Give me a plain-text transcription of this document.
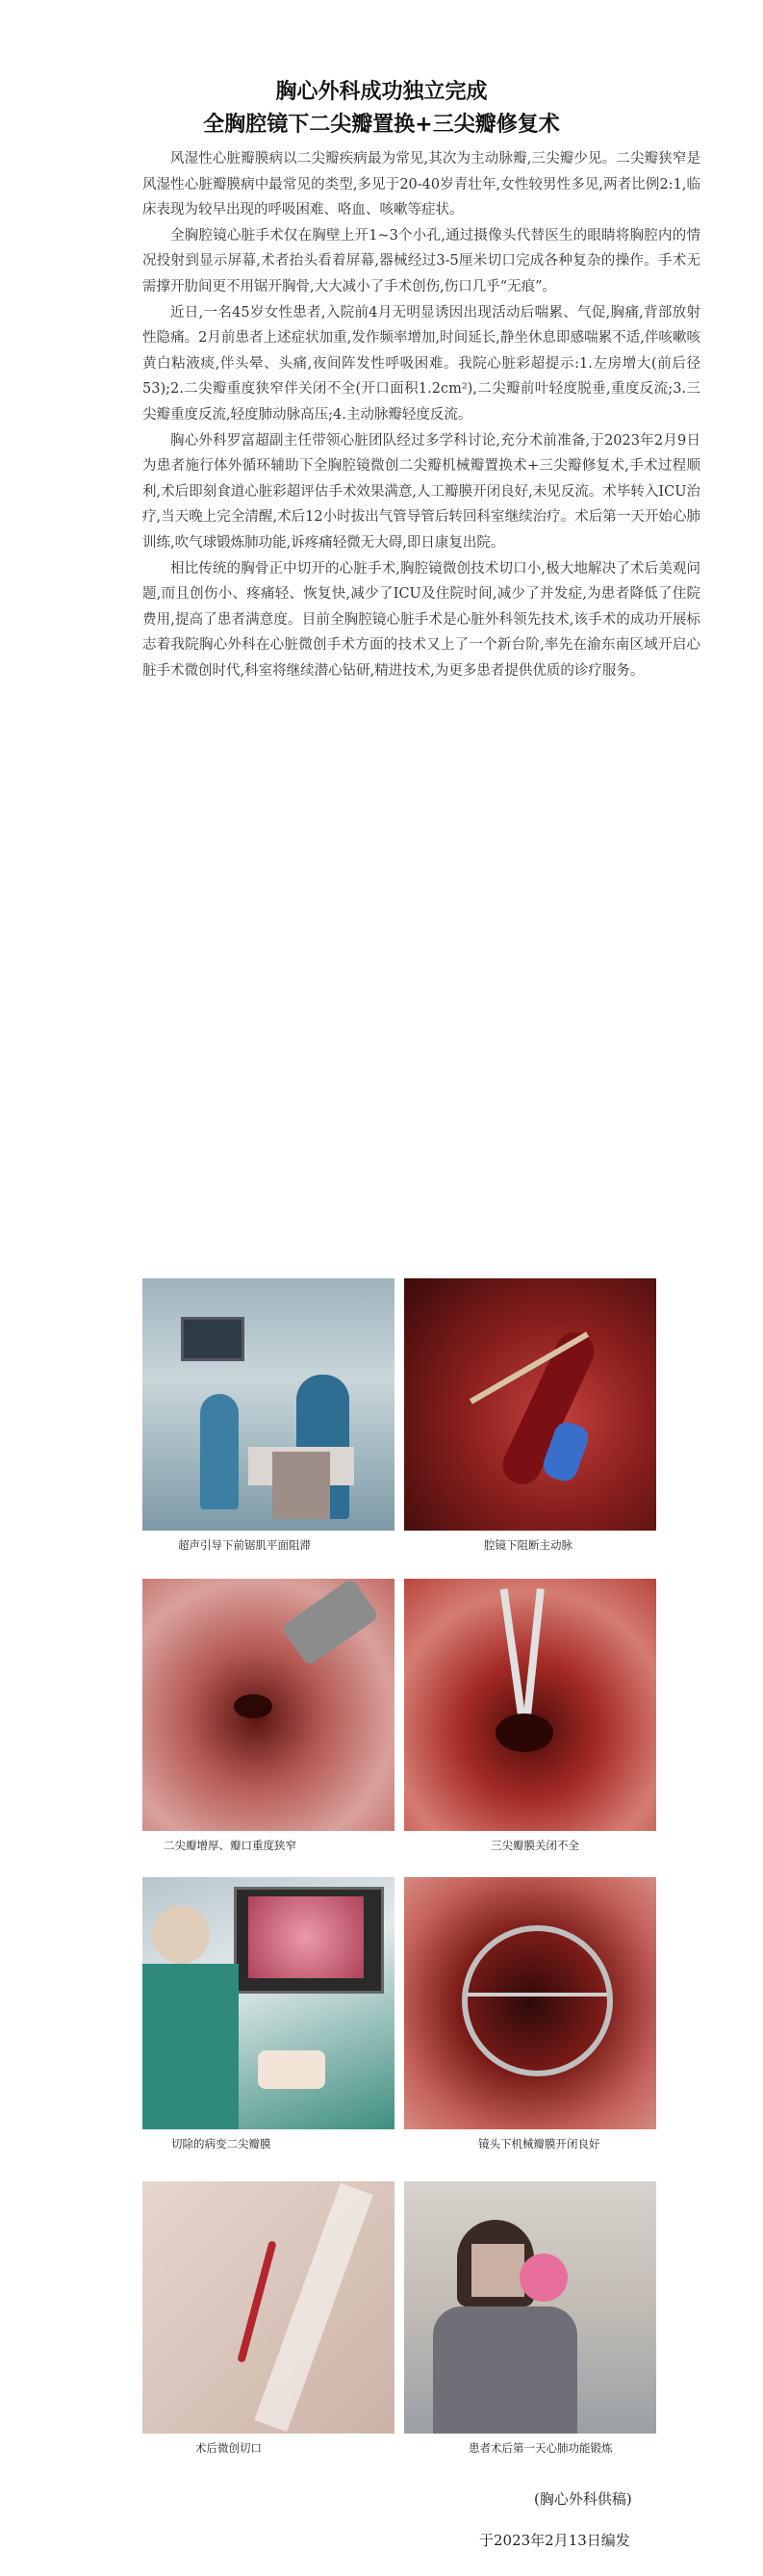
胸心外科成功独立完成
全胸腔镜下二尖瓣置换+三尖瓣修复术

风湿性心脏瓣膜病以二尖瓣疾病最为常见,其次为主动脉瓣,三尖瓣少见。二尖瓣狭窄是风湿性心脏瓣膜病中最常见的类型,多见于20-40岁青壮年,女性较男性多见,两者比例2:1,临床表现为较早出现的呼吸困难、咯血、咳嗽等症状。

全胸腔镜心脏手术仅在胸壁上开1~3个小孔,通过摄像头代替医生的眼睛将胸腔内的情况投射到显示屏幕,术者抬头看着屏幕,器械经过3-5厘米切口完成各种复杂的操作。手术无需撑开肋间更不用锯开胸骨,大大减小了手术创伤,伤口几乎“无痕”。

近日,一名45岁女性患者,入院前4月无明显诱因出现活动后喘累、气促,胸痛,背部放射性隐痛。2月前患者上述症状加重,发作频率增加,时间延长,静坐休息即感喘累不适,伴咳嗽咳黄白粘液痰,伴头晕、头痛,夜间阵发性呼吸困难。我院心脏彩超提示:1.左房增大(前后径53);2.二尖瓣重度狭窄伴关闭不全(开口面积1.2cm²),二尖瓣前叶轻度脱垂,重度反流;3.三尖瓣重度反流,轻度肺动脉高压;4.主动脉瓣轻度反流。

胸心外科罗富超副主任带领心脏团队经过多学科讨论,充分术前准备,于2023年2月9日为患者施行体外循环辅助下全胸腔镜微创二尖瓣机械瓣置换术+三尖瓣修复术,手术过程顺利,术后即刻食道心脏彩超评估手术效果满意,人工瓣膜开闭良好,未见反流。术毕转入ICU治疗,当天晚上完全清醒,术后12小时拔出气管导管后转回科室继续治疗。术后第一天开始心肺训练,吹气球锻炼肺功能,诉疼痛轻微无大碍,即日康复出院。

相比传统的胸骨正中切开的心脏手术,胸腔镜微创技术切口小,极大地解决了术后美观问题,而且创伤小、疼痛轻、恢复快,减少了ICU及住院时间,减少了并发症,为患者降低了住院费用,提高了患者满意度。目前全胸腔镜心脏手术是心脏外科领先技术,该手术的成功开展标志着我院胸心外科在心脏微创手术方面的技术又上了一个新台阶,率先在渝东南区域开启心脏手术微创时代,科室将继续潜心钻研,精进技术,为更多患者提供优质的诊疗服务。

超声引导下前锯肌平面阻滞	腔镜下阻断主动脉
二尖瓣增厚、瓣口重度狭窄	三尖瓣膜关闭不全
切除的病变二尖瓣膜	镜头下机械瓣膜开闭良好
术后微创切口	患者术后第一天心肺功能锻炼
(胸心外科供稿)
于2023年2月13日编发
